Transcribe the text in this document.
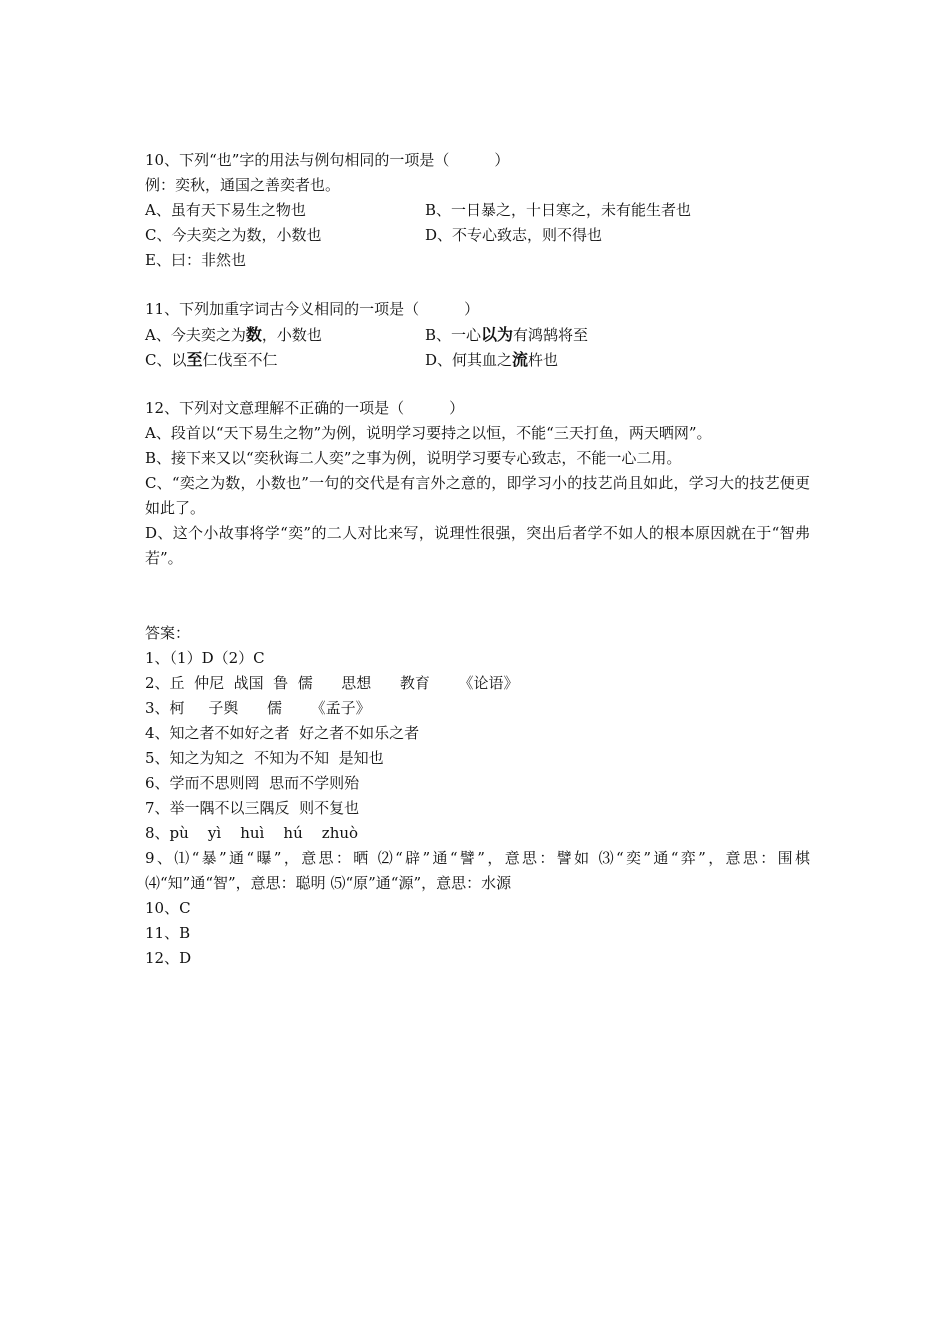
10、下列“也”字的用法与例句相同的一项是（　　　）
例：奕秋，通国之善奕者也。
A、虽有天下易生之物也	B、一日暴之，十日寒之，未有能生者也
C、今夫奕之为数，小数也	D、不专心致志，则不得也
E、曰：非然也
11、下列加重字词古今义相同的一项是（　　　）
A、今夫奕之为数，小数也	B、一心以为有鸿鹄将至
C、以至仁伐至不仁	D、何其血之流杵也
12、下列对文意理解不正确的一项是（　　　）
A、段首以“天下易生之物”为例，说明学习要持之以恒，不能“三天打鱼，两天晒网”。
B、接下来又以“奕秋诲二人奕”之事为例，说明学习要专心致志，不能一心二用。
C、“奕之为数，小数也”一句的交代是有言外之意的，即学习小的技艺尚且如此，学习大的技艺便更如此了。
D、这个小故事将学“奕”的二人对比来写，说理性很强，突出后者学不如人的根本原因就在于“智弗若”。
答案：
1、（1）D（2）C
2、丘  仲尼  战国  鲁  儒      思想      教育      《论语》
3、柯     子舆      儒      《孟子》
4、知之者不如好之者  好之者不如乐之者
5、知之为知之  不知为不知  是知也
6、学而不思则罔  思而不学则殆
7、举一隅不以三隅反  则不复也
8、pù    yì    huì    hú    zhuò
9、⑴“暴”通“曝”，意思：晒 ⑵“辟”通“譬”，意思：譬如 ⑶“奕”通“弈”，意思：围棋 ⑷“知”通“智”，意思：聪明 ⑸“原”通“源”，意思：水源
10、C
11、B
12、D
